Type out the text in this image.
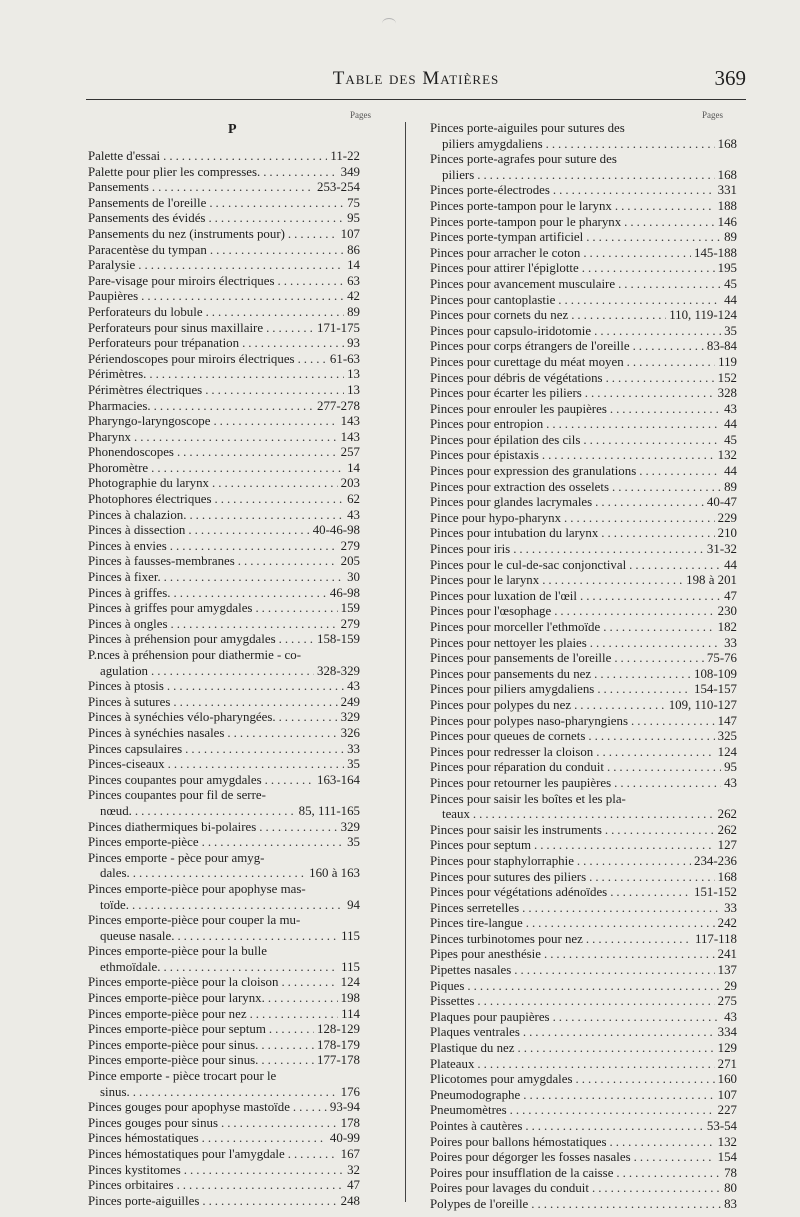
Table des Matières	369
Pages	Pages
P
Palette d'essai .....	11-22
Palette pour plier les compresses. .....	349
Pansements .....	253-254
Pansements de l'oreille .....	75
Pansements des évidés .....	95
Pansements du nez (instruments pour) .....	107
Paracentèse du tympan .....	86
Paralysie .....	14
Pare-visage pour miroirs électriques .....	63
Paupières .....	42
Perforateurs du lobule .....	89
Perforateurs pour sinus maxillaire .....	171-175
Perforateurs pour trépanation .....	93
Périendoscopes pour miroirs électriques .....	61-63
Périmètres. .....	13
Périmètres électriques .....	13
Pharmacies. .....	277-278
Pharyngo-laryngoscope .....	143
Pharynx .....	143
Phonendoscopes .....	257
Phoromètre .....	14
Photographie du larynx .....	203
Photophores électriques .....	62
Pinces à chalazion. .....	43
Pinces à dissection .....	40-46-98
Pinces à envies .....	279
Pinces à fausses-membranes .....	205
Pinces à fixer. .....	30
Pinces à griffes. .....	46-98
Pinces à griffes pour amygdales .....	159
Pinces à ongles .....	279
Pinces à préhension pour amygdales .....	158-159
P.nces à préhension pour diathermie - co-
agulation .....	328-329
Pinces à ptosis .....	43
Pinces à sutures .....	249
Pinces à synéchies vélo-pharyngées. .....	329
Pinces à synéchies nasales .....	326
Pinces capsulaires .....	33
Pinces-ciseaux .....	35
Pinces coupantes pour amygdales .....	163-164
Pinces coupantes pour fil de serre-
nœud. .....	85, 111-165
Pinces diathermiques bi-polaires .....	329
Pinces emporte-pièce .....	35
Pinces emporte - pèce pour amyg-
dales. .....	160 à 163
Pinces emporte-pièce pour apophyse mas-
toïde. .....	94
Pinces emporte-pièce pour couper la mu-
queuse nasale. .....	115
Pinces emporte-pièce pour la bulle
ethmoïdale. .....	115
Pinces emporte-pièce pour la cloison .....	124
Pinces emporte-pièce pour larynx. .....	198
Pinces emporte-pièce pour nez .....	114
Pinces emporte-pièce pour septum .....	128-129
Pinces emporte-pièce pour sinus. .....	178-179
Pinces emporte-pièce pour sinus. .....	177-178
Pince emporte - pièce trocart pour le
sinus. .....	176
Pinces gouges pour apophyse mastoïde .....	93-94
Pinces gouges pour sinus .....	178
Pinces hémostatiques .....	40-99
Pinces hémostatiques pour l'amygdale .....	167
Pinces kystitomes .....	32
Pinces orbitaires .....	47
Pinces porte-aiguilles .....	248
Pinces porte-aiguiles pour sutures des
piliers amygdaliens .....	168
Pinces porte-agrafes pour suture des
piliers .....	168
Pinces porte-électrodes .....	331
Pinces porte-tampon pour le larynx .....	188
Pinces porte-tampon pour le pharynx .....	146
Pinces porte-tympan artificiel .....	89
Pinces pour arracher le coton .....	145-188
Pinces pour attirer l'épiglotte .....	195
Pinces pour avancement musculaire .....	45
Pinces pour cantoplastie .....	44
Pinces pour cornets du nez .....	110, 119-124
Pinces pour capsulo-iridotomie .....	35
Pinces pour corps étrangers de l'oreille .....	83-84
Pinces pour curettage du méat moyen .....	119
Pinces pour débris de végétations .....	152
Pinces pour écarter les piliers .....	328
Pinces pour enrouler les paupières .....	43
Pinces pour entropion .....	44
Pinces pour épilation des cils .....	45
Pinces pour épistaxis .....	132
Pinces pour expression des granulations .....	44
Pinces pour extraction des osselets .....	89
Pinces pour glandes lacrymales .....	40-47
Pince pour hypo-pharynx .....	229
Pinces pour intubation du larynx .....	210
Pinces pour iris .....	31-32
Pinces pour le cul-de-sac conjonctival .....	44
Pinces pour le larynx .....	198 à 201
Pinces pour luxation de l'œil .....	47
Pinces pour l'œsophage .....	230
Pinces pour morceller l'ethmoïde .....	182
Pinces pour nettoyer les plaies .....	33
Pinces pour pansements de l'oreille .....	75-76
Pinces pour pansements du nez .....	108-109
Pinces pour piliers amygdaliens .....	154-157
Pinces pour polypes du nez .....	109, 110-127
Pinces pour polypes naso-pharyngiens .....	147
Pinces pour queues de cornets .....	325
Pinces pour redresser la cloison .....	124
Pinces pour réparation du conduit .....	95
Pinces pour retourner les paupières .....	43
Pinces pour saisir les boîtes et les pla-
teaux .....	262
Pinces pour saisir les instruments .....	262
Pinces pour septum .....	127
Pinces pour staphylorraphie .....	234-236
Pinces pour sutures des piliers .....	168
Pinces pour végétations adénoïdes .....	151-152
Pinces serretelles .....	33
Pinces tire-langue .....	242
Pinces turbinotomes pour nez .....	117-118
Pipes pour anesthésie .....	241
Pipettes nasales .....	137
Piques .....	29
Pissettes .....	275
Plaques pour paupières .....	43
Plaques ventrales .....	334
Plastique du nez .....	129
Plateaux .....	271
Plicotomes pour amygdales .....	160
Pneumodographe .....	107
Pneumomètres .....	227
Pointes à cautères .....	53-54
Poires pour ballons hémostatiques .....	132
Poires pour dégorger les fosses nasales .....	154
Poires pour insufflation de la caisse .....	78
Poires pour lavages du conduit .....	80
Polypes de l'oreille .....	83
